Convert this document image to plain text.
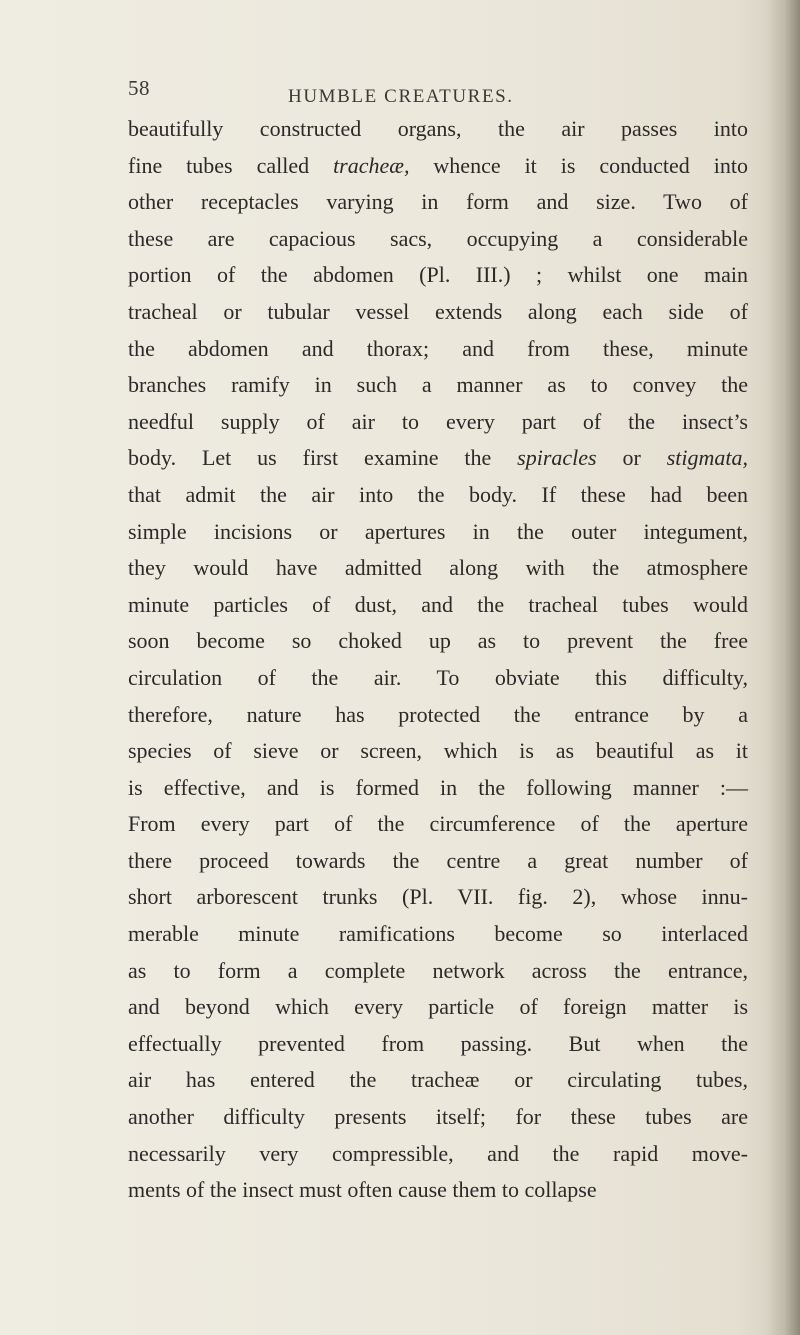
58	HUMBLE CREATURES.
beautifully constructed organs, the air passes into
fine tubes called tracheæ, whence it is conducted into
other receptacles varying in form and size. Two of
these are capacious sacs, occupying a considerable
portion of the abdomen (Pl. III.) ; whilst one main
tracheal or tubular vessel extends along each side of
the abdomen and thorax; and from these, minute
branches ramify in such a manner as to convey the
needful supply of air to every part of the insect’s
body. Let us first examine the spiracles or stigmata,
that admit the air into the body. If these had been
simple incisions or apertures in the outer integument,
they would have admitted along with the atmosphere
minute particles of dust, and the tracheal tubes would
soon become so choked up as to prevent the free
circulation of the air. To obviate this difficulty,
therefore, nature has protected the entrance by a
species of sieve or screen, which is as beautiful as it
is effective, and is formed in the following manner :—
From every part of the circumference of the aperture
there proceed towards the centre a great number of
short arborescent trunks (Pl. VII. fig. 2), whose innu-
merable minute ramifications become so interlaced
as to form a complete network across the entrance,
and beyond which every particle of foreign matter is
effectually prevented from passing. But when the
air has entered the tracheæ or circulating tubes,
another difficulty presents itself; for these tubes are
necessarily very compressible, and the rapid move-
ments of the insect must often cause them to collapse
